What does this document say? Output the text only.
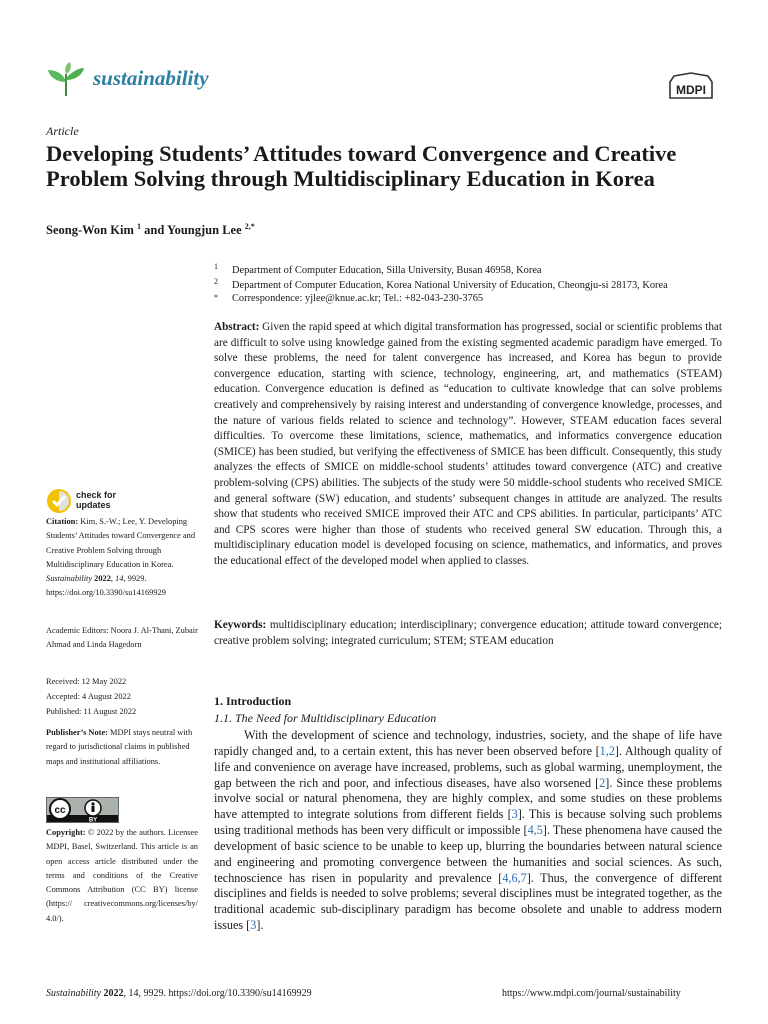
sustainability	MDPI
Article
Developing Students’ Attitudes toward Convergence and Creative Problem Solving through Multidisciplinary Education in Korea
Seong-Won Kim $^1$ and Youngjun Lee $^{2,*}$
1 Department of Computer Education, Silla University, Busan 46958, Korea
2 Department of Computer Education, Korea National University of Education, Cheongju-si 28173, Korea
* Correspondence: yjlee@knue.ac.kr; Tel.: +82-043-230-3765
Abstract: Given the rapid speed at which digital transformation has progressed, social or scientific problems that are difficult to solve using knowledge gained from the existing segmented academic paradigm have emerged. To solve these problems, the need for talent convergence has increased, and Korea has begun to provide convergence education, starting with science, technology, engineering, art, and mathematics (STEAM) education. Convergence education is defined as “education to cultivate knowledge that can solve problems creatively and comprehensively by raising interest and understanding of convergence knowledge, processes, and the nature of various fields related to science and technology”. However, STEAM education faces several difficulties. To overcome these limitations, science, mathematics, and informatics convergence education (SMICE) has been studied, but verifying the effectiveness of SMICE has been difficult. Consequently, this study analyzes the effects of SMICE on middle-school students’ attitudes toward convergence (ATC) and creative problem-solving (CPS) abilities. The subjects of the study were 50 middle-school students who received SMICE and general software (SW) education, and students’ subsequent changes in attitude are analyzed. The results show that students who received SMICE improved their ATC and CPS abilities. In particular, participants’ ATC and CPS scores were higher than those of students who received general SW education. Through this, a multidisciplinary education model is developed focusing on science, mathematics, and informatics, and proves the educational effect of the developed model when applied to classes.
Keywords: multidisciplinary education; interdisciplinary; convergence education; attitude toward convergence; creative problem solving; integrated curriculum; STEM; STEAM education
check for
updates
Citation: Kim, S.-W.; Lee, Y. Developing Students’ Attitudes toward Convergence and Creative Problem Solving through Multidisciplinary Education in Korea. Sustainability 2022, 14, 9929. https://doi.org/10.3390/su14169929
Academic Editors: Noora J. Al-Thani, Zubair Ahmad and Linda Hagedorn
Received: 12 May 2022
Accepted: 4 August 2022
Published: 11 August 2022
Publisher’s Note: MDPI stays neutral with regard to jurisdictional claims in published maps and institutional affiliations.
cc
BY
Copyright: © 2022 by the authors. Licensee MDPI, Basel, Switzerland. This article is an open access article distributed under the terms and conditions of the Creative Commons Attribution (CC BY) license (https:// creativecommons.org/licenses/by/ 4.0/).
1. Introduction
1.1. The Need for Multidisciplinary Education
With the development of science and technology, industries, society, and the shape of life have rapidly changed and, to a certain extent, this has never been observed before [1,2]. Although quality of life and convenience on average have increased, problems, such as global warming, unemployment, the gap between the rich and poor, and infectious diseases, have also worsened [2]. Since these problems involve social or natural phenomena, they are highly complex, and some studies on these problems have attempted to integrate solutions from different fields [3]. This is because solving such problems using traditional methods has been very difficult or impossible [4,5]. These phenomena have caused the development of basic science to be unable to keep up, blurring the boundaries between natural science and engineering and promoting convergence between the humanities and social sciences. As such, technoscience has risen in popularity and prevalence [4,6,7]. Thus, the convergence of different disciplines and fields is needed to solve problems; several disciplines must be integrated together, as the traditional academic sub-disciplinary paradigm has become obsolete and unable to address modern issues [3].
Sustainability 2022, 14, 9929. https://doi.org/10.3390/su14169929	https://www.mdpi.com/journal/sustainability
